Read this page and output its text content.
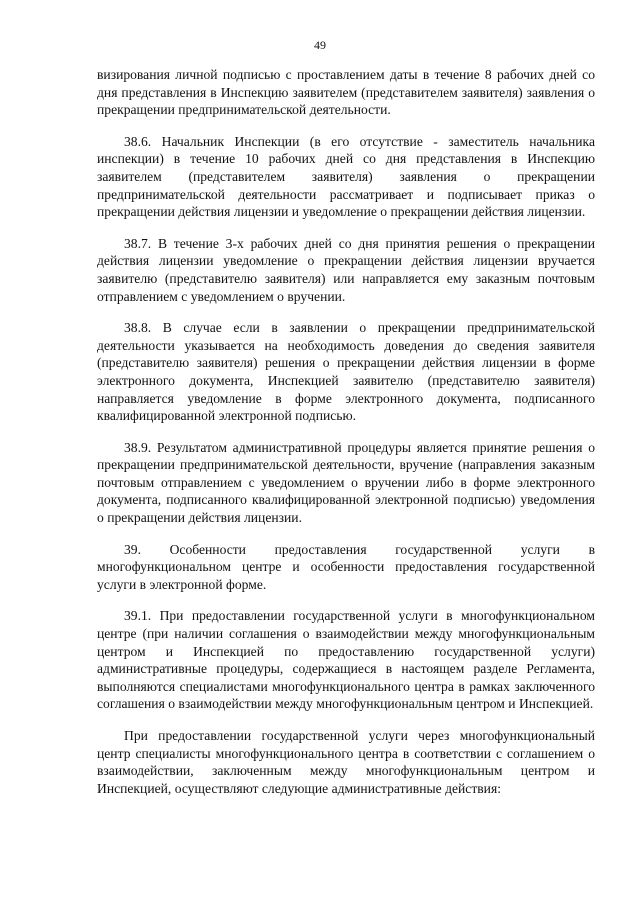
49

визирования личной подписью с проставлением даты в течение 8 рабочих дней со дня представления в Инспекцию заявителем (представителем заявителя) заявления о прекращении предпринимательской деятельности.

38.6. Начальник Инспекции (в его отсутствие - заместитель начальника инспекции) в течение 10 рабочих дней со дня представления в Инспекцию заявителем (представителем заявителя) заявления о прекращении предпринимательской деятельности рассматривает и подписывает приказ о прекращении действия лицензии и уведомление о прекращении действия лицензии.

38.7. В течение 3-х рабочих дней со дня принятия решения о прекращении действия лицензии уведомление о прекращении действия лицензии вручается заявителю (представителю заявителя) или направляется ему заказным почтовым отправлением с уведомлением о вручении.

38.8. В случае если в заявлении о прекращении предпринимательской деятельности указывается на необходимость доведения до сведения заявителя (представителю заявителя) решения о прекращении действия лицензии в форме электронного документа, Инспекцией заявителю (представителю заявителя) направляется уведомление в форме электронного документа, подписанного квалифицированной электронной подписью.

38.9. Результатом административной процедуры является принятие решения о прекращении предпринимательской деятельности, вручение (направления заказным почтовым отправлением с уведомлением о вручении либо в форме электронного документа, подписанного квалифицированной электронной подписью) уведомления о прекращении действия лицензии.

39. Особенности предоставления государственной услуги в многофункциональном центре и особенности предоставления государственной услуги в электронной форме.

39.1. При предоставлении государственной услуги в многофункциональном центре (при наличии соглашения о взаимодействии между многофункциональным центром и Инспекцией по предоставлению государственной услуги) административные процедуры, содержащиеся в настоящем разделе Регламента, выполняются специалистами многофункционального центра в рамках заключенного соглашения о взаимодействии между многофункциональным центром и Инспекцией.

При предоставлении государственной услуги через многофункциональный центр специалисты многофункционального центра в соответствии с соглашением о взаимодействии, заключенным между многофункциональным центром и Инспекцией, осуществляют следующие административные действия:
